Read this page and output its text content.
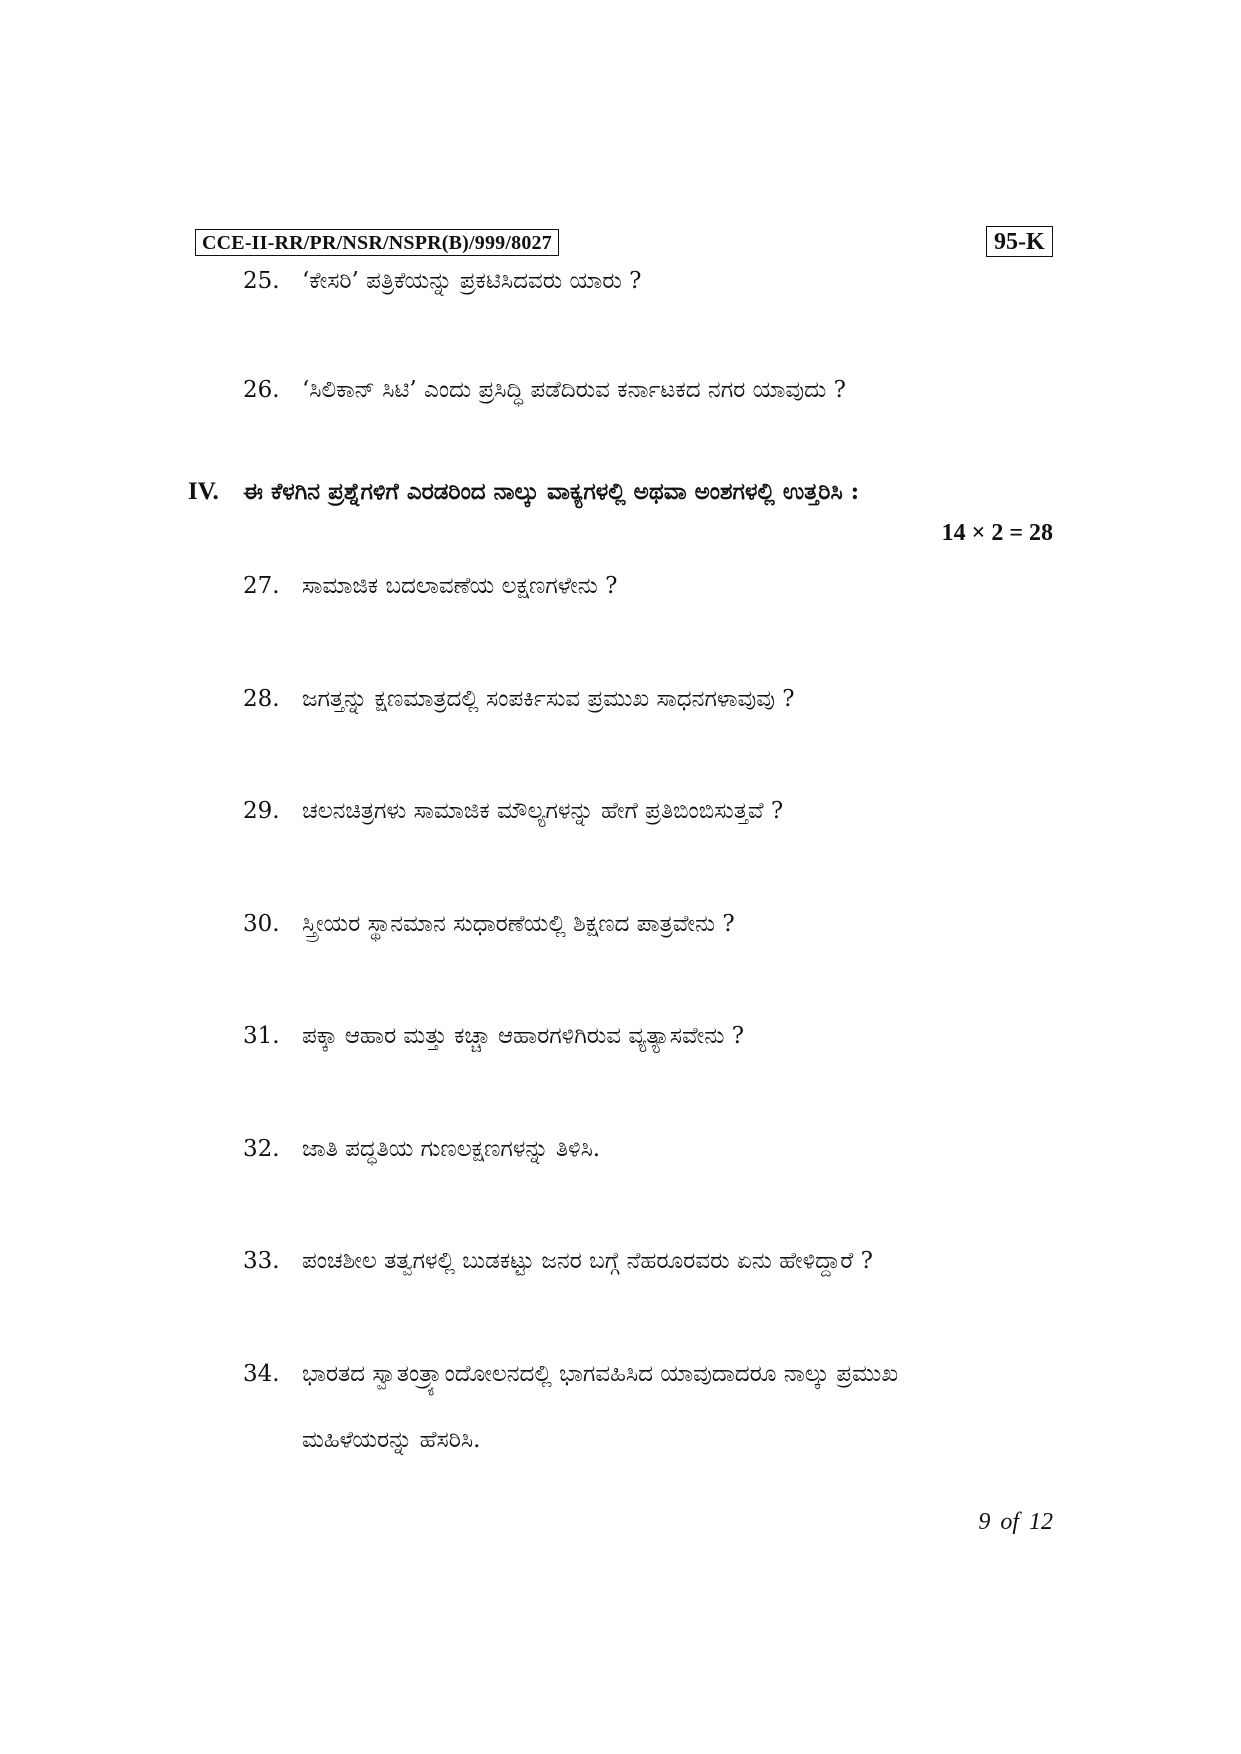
CCE-II-RR/PR/NSR/NSPR(B)/999/8027	95-K
25. ‘ಕೇಸರಿ’ ಪತ್ರಿಕೆಯನ್ನು ಪ್ರಕಟಿಸಿದವರು ಯಾರು ?
26. ‘ಸಿಲಿಕಾನ್ ಸಿಟಿ’ ಎಂದು ಪ್ರಸಿದ್ಧಿ ಪಡೆದಿರುವ ಕರ್ನಾಟಕದ ನಗರ ಯಾವುದು ?
IV. ಈ ಕೆಳಗಿನ ಪ್ರಶ್ನೆಗಳಿಗೆ ಎರಡರಿಂದ ನಾಲ್ಕು ವಾಕ್ಯಗಳಲ್ಲಿ ಅಥವಾ ಅಂಶಗಳಲ್ಲಿ ಉತ್ತರಿಸಿ :
14 × 2 = 28
27. ಸಾಮಾಜಿಕ ಬದಲಾವಣೆಯ ಲಕ್ಷಣಗಳೇನು ?
28. ಜಗತ್ತನ್ನು ಕ್ಷಣಮಾತ್ರದಲ್ಲಿ ಸಂಪರ್ಕಿಸುವ ಪ್ರಮುಖ ಸಾಧನಗಳಾವುವು ?
29. ಚಲನಚಿತ್ರಗಳು ಸಾಮಾಜಿಕ ಮೌಲ್ಯಗಳನ್ನು ಹೇಗೆ ಪ್ರತಿಬಿಂಬಿಸುತ್ತವೆ ?
30. ಸ್ತ್ರೀಯರ ಸ್ಥಾನಮಾನ ಸುಧಾರಣೆಯಲ್ಲಿ ಶಿಕ್ಷಣದ ಪಾತ್ರವೇನು ?
31. ಪಕ್ಕಾ ಆಹಾರ ಮತ್ತು ಕಚ್ಚಾ ಆಹಾರಗಳಿಗಿರುವ ವ್ಯತ್ಯಾಸವೇನು ?
32. ಜಾತಿ ಪದ್ಧತಿಯ ಗುಣಲಕ್ಷಣಗಳನ್ನು ತಿಳಿಸಿ.
33. ಪಂಚಶೀಲ ತತ್ವಗಳಲ್ಲಿ ಬುಡಕಟ್ಟು ಜನರ ಬಗ್ಗೆ ನೆಹರೂರವರು ಏನು ಹೇಳಿದ್ದಾರೆ ?
34. ಭಾರತದ ಸ್ವಾತಂತ್ರ್ಯಾಂದೋಲನದಲ್ಲಿ ಭಾಗವಹಿಸಿದ ಯಾವುದಾದರೂ ನಾಲ್ಕು ಪ್ರಮುಖ
ಮಹಿಳೆಯರನ್ನು ಹೆಸರಿಸಿ.
9 of 12
